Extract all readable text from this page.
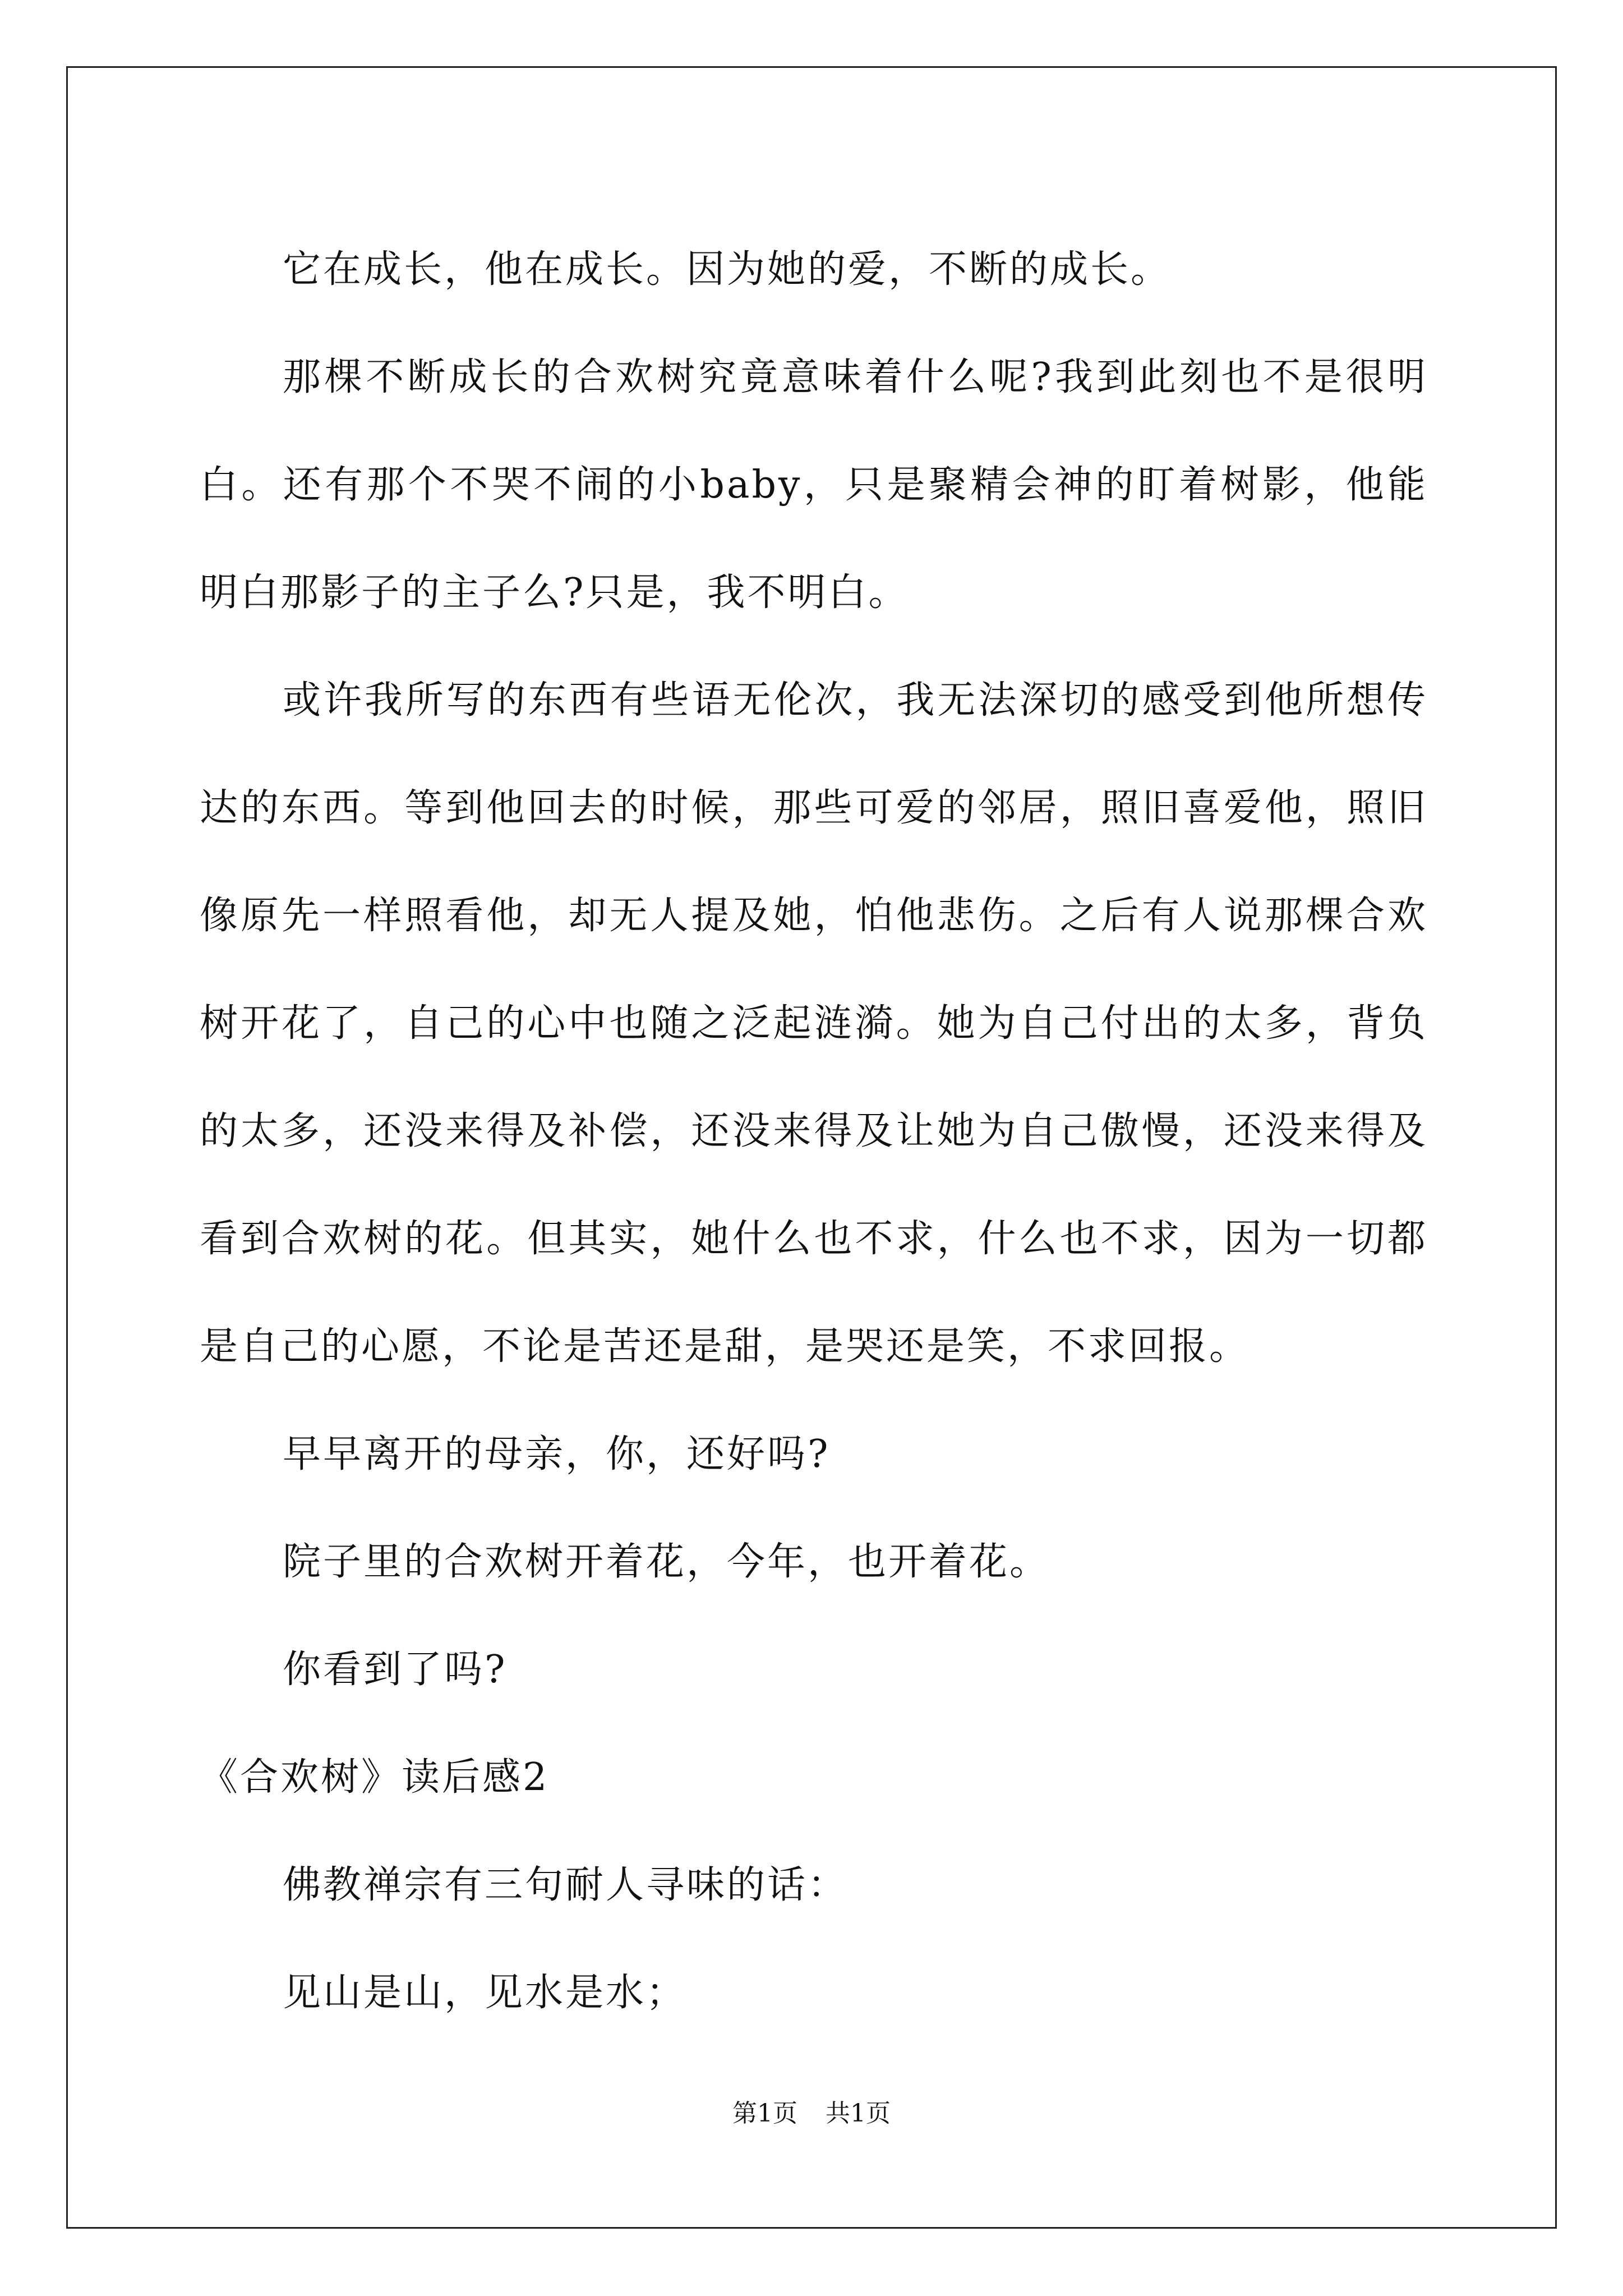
它在成长，他在成长。因为她的爱，不断的成长。

那棵不断成长的合欢树究竟意味着什么呢?我到此刻也不是很明白。还有那个不哭不闹的小baby，只是聚精会神的盯着树影，他能明白那影子的主子么?只是，我不明白。

或许我所写的东西有些语无伦次，我无法深切的感受到他所想传达的东西。等到他回去的时候，那些可爱的邻居，照旧喜爱他，照旧像原先一样照看他，却无人提及她，怕他悲伤。之后有人说那棵合欢树开花了，自己的心中也随之泛起涟漪。她为自己付出的太多，背负的太多，还没来得及补偿，还没来得及让她为自己傲慢，还没来得及看到合欢树的花。但其实，她什么也不求，什么也不求，因为一切都是自己的心愿，不论是苦还是甜，是哭还是笑，不求回报。

早早离开的母亲，你，还好吗?

院子里的合欢树开着花，今年，也开着花。

你看到了吗?

《合欢树》读后感2

佛教禅宗有三句耐人寻味的话：

见山是山，见水是水；

第1页 共1页
